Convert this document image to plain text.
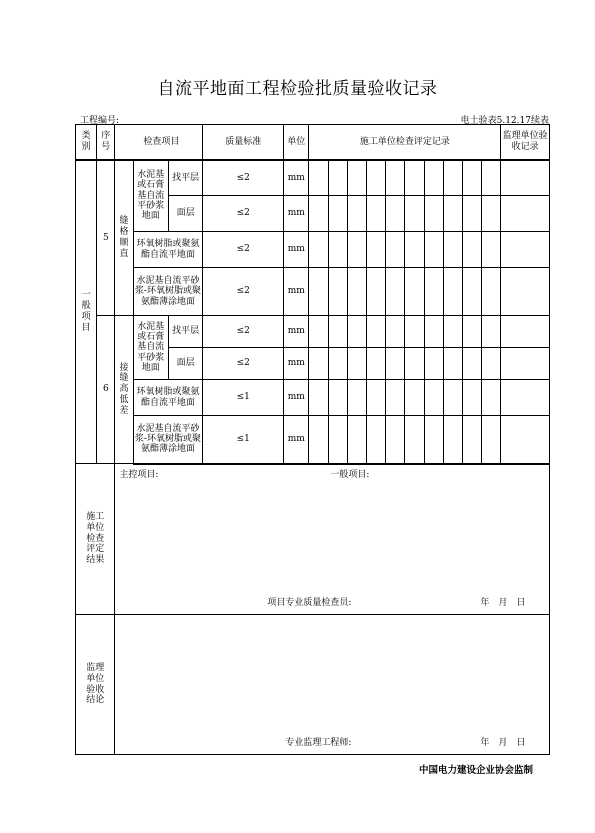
自流平地面工程检验批质量验收记录
工程编号:	电土验表5.12.17续表
类别	序号	检查项目			质量标准	单位	施工单位检查评定记录										监理单位验收记录
一般项目	5	缝格顺直	水泥基或石膏基自流平砂浆地面	找平层	≤2	mm											
				面层	≤2	mm											
			环氧树脂或聚氨酯自流平地面		≤2	mm											
			水泥基自流平砂浆-环氧树脂或聚氨酯薄涂地面		≤2	mm											
	6	接缝高低差	水泥基或石膏基自流平砂浆地面	找平层	≤2	mm											
				面层	≤2	mm											
			环氧树脂或聚氨酯自流平地面		≤1	mm											
			水泥基自流平砂浆-环氧树脂或聚氨酯薄涂地面		≤1	mm											
施工单位检查评定结果		主控项目: 一般项目:
项目专业质量检查员: 年　月　日															

监理单位验收结论		专业监理工程师: 年　月　日															
中国电力建设企业协会监制
